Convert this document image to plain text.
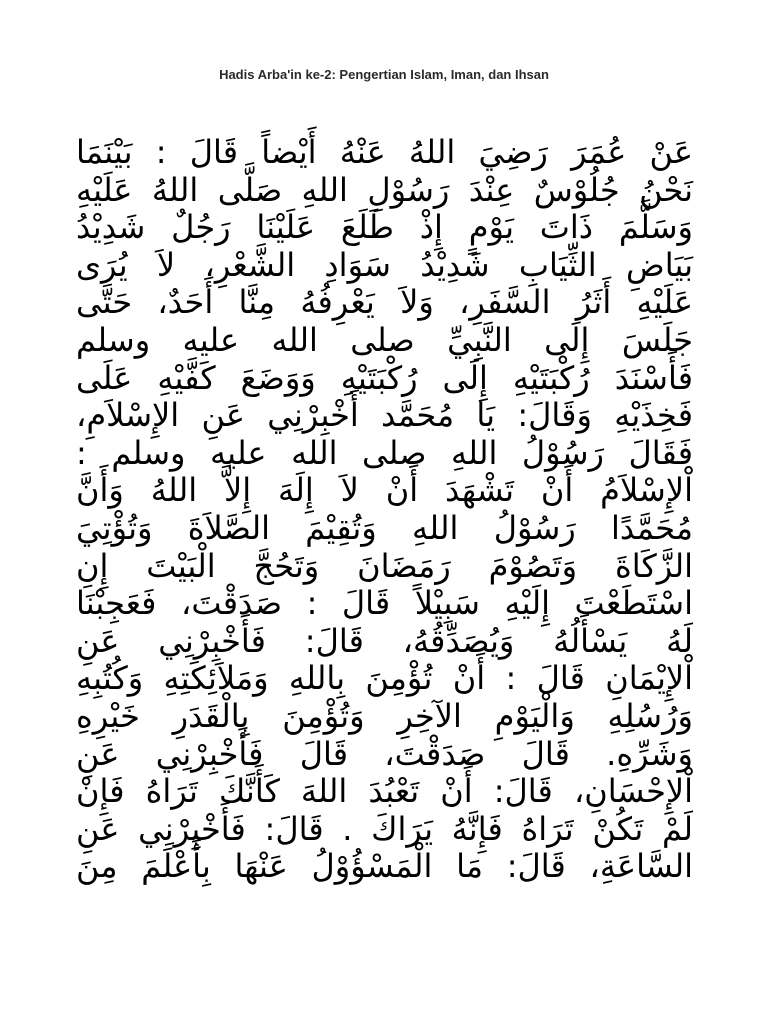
Hadis Arba'in ke-2: Pengertian Islam, Iman, dan Ihsan
عَنْ عُمَرَ رَضِيَ اللهُ عَنْهُ أَيْضاً قَالَ : بَيْنَمَا
نَحْنُ جُلُوْسٌ عِنْدَ رَسُوْلِ اللهِ صَلَّى اللهُ عَلَيْهِ
وَسَلَّمَ ذَاتَ يَوْمٍ إِذْ طَلَعَ عَلَيْنَا رَجُلٌ شَدِيْدُ
بَيَاضِ الثِّيَابِ شَدِيْدُ سَوَادِ الشَّعْرِ، لاَ يُرَى
عَلَيْهِ أَثَرُ السَّفَرِ، وَلاَ يَعْرِفُهُ مِنَّا أَحَدٌ، حَتَّى
جَلَسَ إِلَى النَّبِيِّ صلى الله عليه وسلم
فَأَسْنَدَ رُكْبَتَيْهِ إِلَى رُكْبَتَيْهِ وَوَضَعَ كَفَّيْهِ عَلَى
فَخِذَيْهِ وَقَالَ: يَا مُحَمَّد أَخْبِرْنِي عَنِ الإِسْلاَمِ،
فَقَالَ رَسُوْلُ اللهِ صلى الله عليه وسلم :
اْلإِسْلاَمُ أَنْ تَشْهَدَ أَنْ لاَ إِلَهَ إِلاَّ اللهُ وَأَنَّ
مُحَمَّدًا رَسُوْلُ اللهِ وَتُقِيْمَ الصَّلاَةَ وَتُؤْتِيَ
الزَّكَاةَ وَتَصُوْمَ رَمَضَانَ وَتَحُجَّ الْبَيْتَ إِنِ
اسْتَطَعْتَ إِلَيْهِ سَبِيْلاً قَالَ : صَدَقْتَ، فَعَجِبْنَا
لَهُ يَسْأَلُهُ وَيُصَدِّقُهُ، قَالَ: فَأَخْبِرْنِي عَنِ
اْلإِيْمَانِ قَالَ : أَنْ تُؤْمِنَ بِاللهِ وَمَلاَئِكَتِهِ وَكُتُبِهِ
وَرُسُلِهِ وَالْيَوْمِ الآخِرِ وَتُؤْمِنَ بِالْقَدَرِ خَيْرِهِ
وَشَرِّهِ. قَالَ صَدَقْتَ، قَالَ فَأَخْبِرْنِي عَنِ
اْلإِحْسَانِ، قَالَ: أَنْ تَعْبُدَ اللهَ كَأَنَّكَ تَرَاهُ فَإِنْ
لَمْ تَكُنْ تَرَاهُ فَإِنَّهُ يَرَاكَ . قَالَ: فَأَخْبِرْنِي عَنِ
السَّاعَةِ، قَالَ: مَا الْمَسْؤُوْلُ عَنْهَا بِأَعْلَمَ مِنَ
